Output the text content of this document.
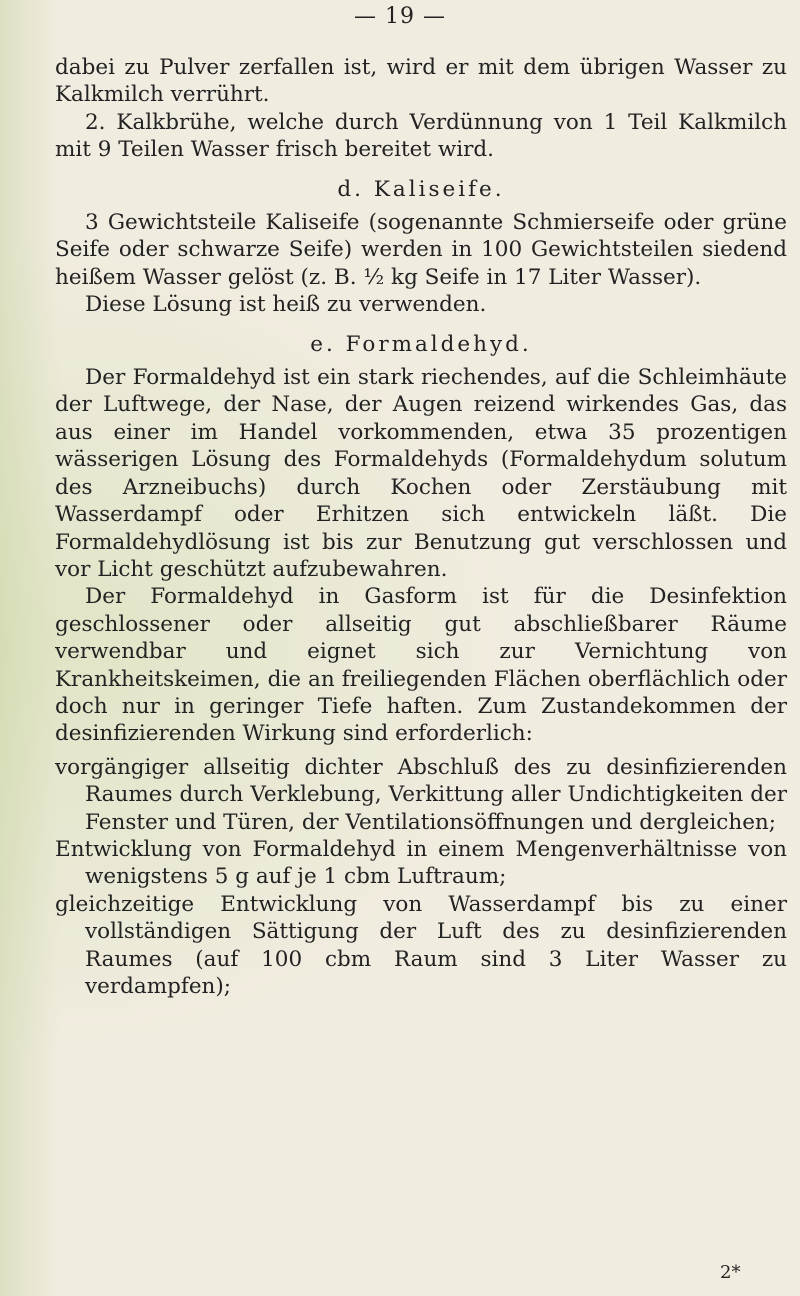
— 19 —

dabei zu Pulver zerfallen ist, wird er mit dem übrigen Wasser zu Kalkmilch verrührt.

2. Kalkbrühe, welche durch Verdünnung von 1 Teil Kalkmilch mit 9 Teilen Wasser frisch bereitet wird.

d. Kaliseife.

3 Gewichtsteile Kaliseife (sogenannte Schmierseife oder grüne Seife oder schwarze Seife) werden in 100 Gewichtsteilen siedend heißem Wasser gelöst (z. B. ½ kg Seife in 17 Liter Wasser).

Diese Lösung ist heiß zu verwenden.

e. Formaldehyd.

Der Formaldehyd ist ein stark riechendes, auf die Schleimhäute der Luftwege, der Nase, der Augen reizend wirkendes Gas, das aus einer im Handel vorkommenden, etwa 35 prozentigen wässerigen Lösung des Formaldehyds (Formaldehydum solutum des Arzneibuchs) durch Kochen oder Zerstäubung mit Wasserdampf oder Erhitzen sich entwickeln läßt. Die Formaldehydlösung ist bis zur Benutzung gut verschlossen und vor Licht geschützt aufzubewahren.

Der Formaldehyd in Gasform ist für die Desinfektion geschlossener oder allseitig gut abschließbarer Räume verwendbar und eignet sich zur Vernichtung von Krankheitskeimen, die an freiliegenden Flächen oberflächlich oder doch nur in geringer Tiefe haften. Zum Zustandekommen der desinfizierenden Wirkung sind erforderlich:

vorgängiger allseitig dichter Abschluß des zu desinfizierenden Raumes durch Verklebung, Verkittung aller Undichtigkeiten der Fenster und Türen, der Ventilationsöffnungen und dergleichen;

Entwicklung von Formaldehyd in einem Mengenverhältnisse von wenigstens 5 g auf je 1 cbm Luftraum;

gleichzeitige Entwicklung von Wasserdampf bis zu einer vollständigen Sättigung der Luft des zu desinfizierenden Raumes (auf 100 cbm Raum sind 3 Liter Wasser zu verdampfen);

2*
